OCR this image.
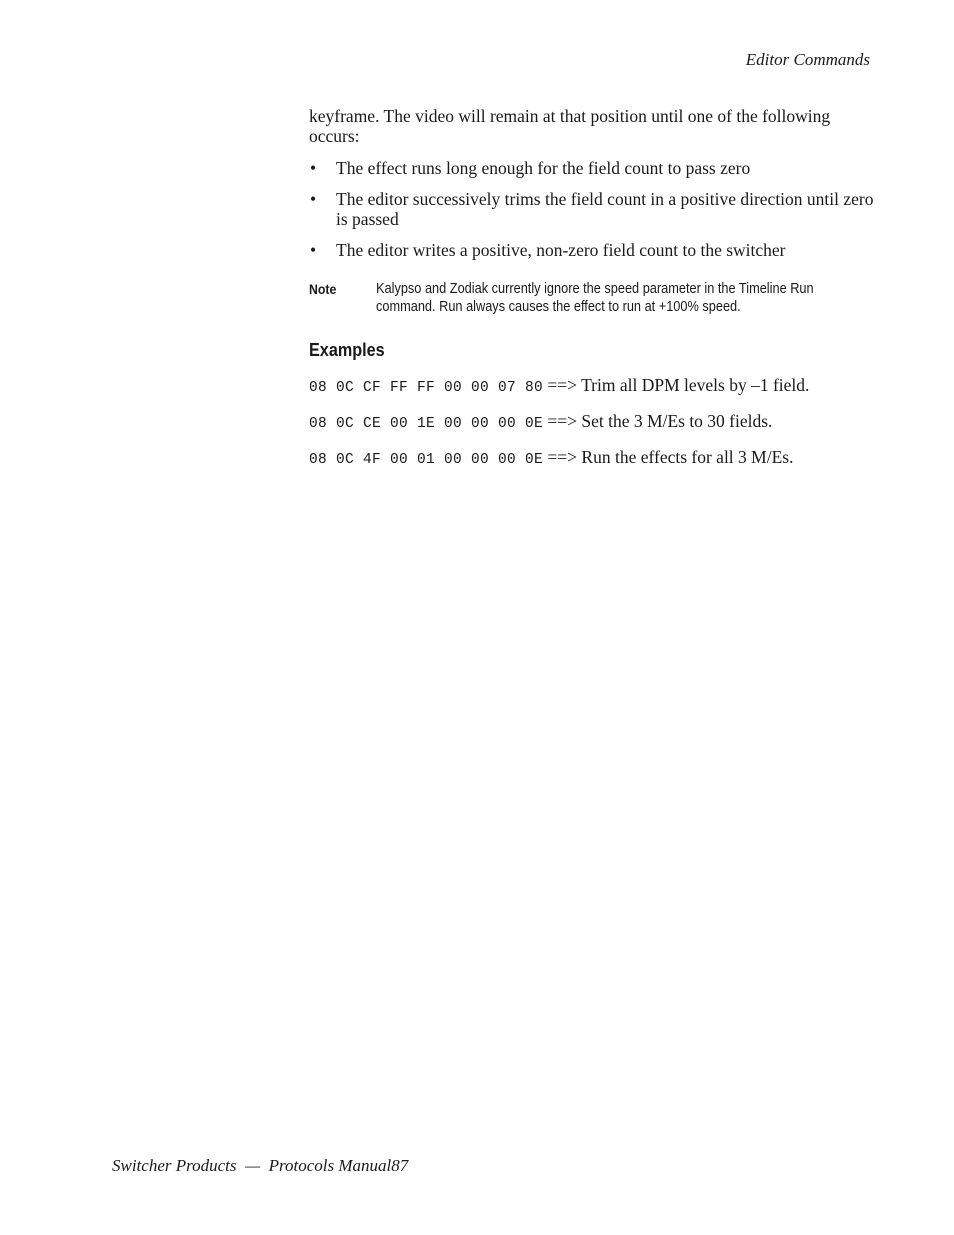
Editor Commands

keyframe. The video will remain at that position until one of the following occurs:

• The effect runs long enough for the field count to pass zero
• The editor successively trims the field count in a positive direction until zero is passed
• The editor writes a positive, non-zero field count to the switcher
Note	Kalypso and Zodiak currently ignore the speed parameter in the Timeline Run command. Run always causes the effect to run at +100% speed.
Examples
08 0C CF FF FF 00 00 07 80 ==> Trim all DPM levels by –1 field.
08 0C CE 00 1E 00 00 00 0E ==> Set the 3 M/Es to 30 fields.
08 0C 4F 00 01 00 00 00 0E ==> Run the effects for all 3 M/Es.
Switcher Products  —  Protocols Manual87
